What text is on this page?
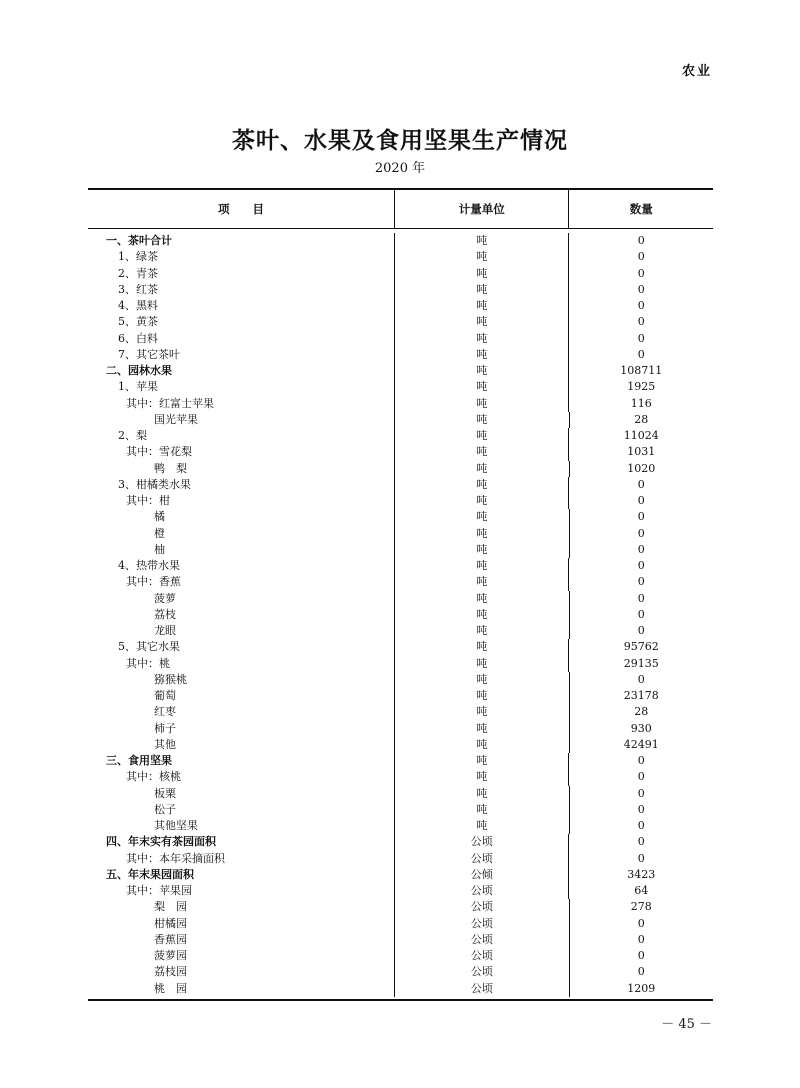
农业
茶叶、水果及食用坚果生产情况
2020 年
项　　目	计量单位	数量
一、茶叶合计	吨	0
1、绿茶	吨	0
2、青茶	吨	0
3、红茶	吨	0
4、黑料	吨	0
5、黄茶	吨	0
6、白料	吨	0
7、其它茶叶	吨	0
二、园林水果	吨	108711
1、苹果	吨	1925
其中：红富士苹果	吨	116
国光苹果	吨	28
2、梨	吨	11024
其中：雪花梨	吨	1031
鸭　梨	吨	1020
3、柑橘类水果	吨	0
其中：柑	吨	0
橘	吨	0
橙	吨	0
柚	吨	0
4、热带水果	吨	0
其中：香蕉	吨	0
菠萝	吨	0
荔枝	吨	0
龙眼	吨	0
5、其它水果	吨	95762
其中：桃	吨	29135
猕猴桃	吨	0
葡萄	吨	23178
红枣	吨	28
柿子	吨	930
其他	吨	42491
三、食用坚果	吨	0
其中：核桃	吨	0
板栗	吨	0
松子	吨	0
其他坚果	吨	0
四、年末实有茶园面积	公顷	0
其中：本年采摘面积	公顷	0
五、年末果园面积	公倾	3423
其中：苹果园	公顷	64
梨　园	公顷	278
柑橘园	公顷	0
香蕉园	公顷	0
菠萝园	公顷	0
荔枝园	公顷	0
桃　园	公顷	1209
－ 45 －
